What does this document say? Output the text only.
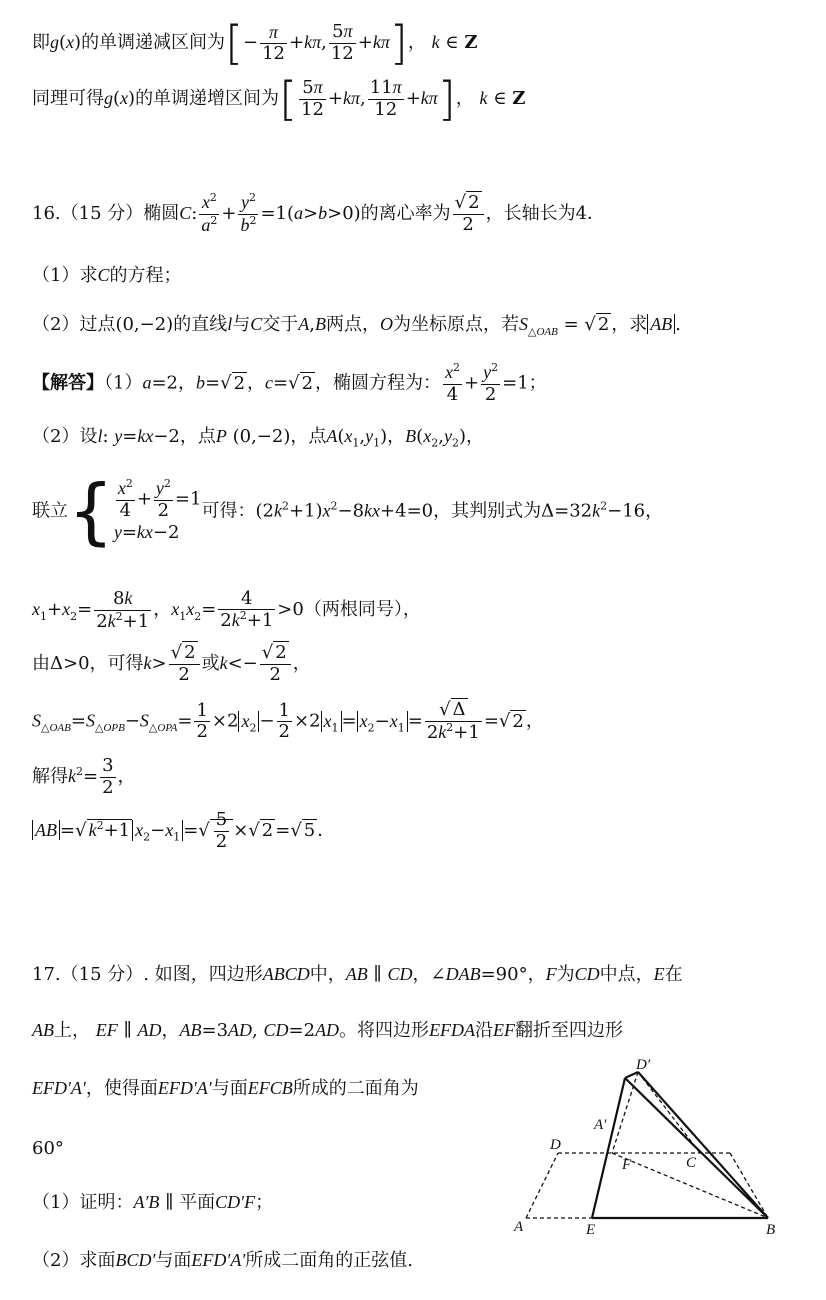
即g(x)的单调递减区间为[− $\frac{\pi}{12} +k\pi$, $\frac{5\pi}{12} +k\pi$]， k ∈ Z
同理可得g(x)的单调递增区间为[ $\frac{5\pi}{12} +k\pi$, $\frac{11\pi}{12} +k\pi$]， k ∈ Z
16.（15 分）椭圆C: $\frac{x^2}{a^2} + \frac{y^2}{b^2} =1(a>b>0)$的离心率为 $\frac{√ 2}{2}$ ，长轴长为4．
（1）求C的方程；
（2）过点(0,−2)的直线l与C交于A,B两点，O为坐标原点，若$S_{\triangle OAB}$ = √ 2 ，求 AB .
【解答】（1）a=2，b=√ 2 ，c=√ 2 ，椭圆方程为： $\frac{x^2}{4} + \frac{y^2}{2} =1$；
（2）设l: y=kx−2，点P (0,−2)，点$A(x_1,y_1)$，$B(x_2,y_2)$，
联立{ $\frac{x^2}{4} + \frac{y^2}{2} =1$
y=kx−2
可得：$(2k^2+1)x^2-8kx+4=0$，其判别式为$\Delta=32k^2-16$，
$x_1+x_2= \frac{8k}{2k^2+1}$ ，$x_1x_2= \frac{4}{2k^2+1} >0$（两根同号），
由Δ>0，可得$k> \frac{√ 2}{2}$ 或$k<- \frac{√ 2}{2}$ ，
$S_{\triangle OAB}=S_{\triangle OPB}-S_{\triangle OPA}= \frac{1}{2} \times 2$ $x_2 - \frac{1}{2} \times 2$ $x_1 = x_2-x_1 = \frac{√ \Delta}{2k^2+1}$ =√ 2 ，
解得$k^2= \frac{3}{2}$ ，
AB =√ $k^2+1$ $x_2-x_1$ =√ $\frac{5}{2}$ ×√ 2 =√ 5 ．
17.（15 分）. 如图，四边形ABCD中，AB ∥ CD，∠DAB=90°，F为CD中点，E在
AB上， EF ∥ AD，AB=3AD, CD=2AD。将四边形EFDA沿EF翻折至四边形
EFD′A′，使得面EFD′A′与面EFCB所成的二面角为
60°
（1）证明：A′B ∥ 平面CD′F；
（2）求面BCD′与面EFD′A′所成二面角的正弦值.
D′
A′
D
F	C
A	E	B
